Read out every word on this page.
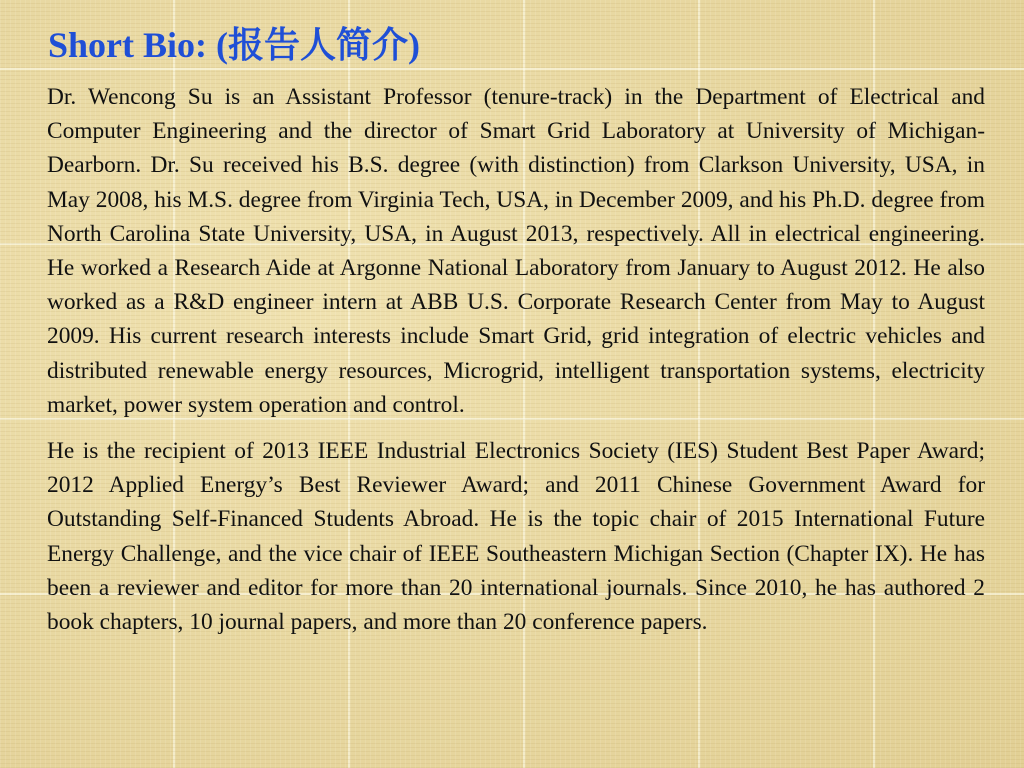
Short Bio: (报告人简介)

Dr. Wencong Su is an Assistant Professor (tenure-track) in the Department of Electrical and Computer Engineering and the director of Smart Grid Laboratory at University of Michigan-Dearborn. Dr. Su received his B.S. degree (with distinction) from Clarkson University, USA, in May 2008, his M.S. degree from Virginia Tech, USA, in December 2009, and his Ph.D. degree from North Carolina State University, USA, in August 2013, respectively. All in electrical engineering. He worked a Research Aide at Argonne National Laboratory from January to August 2012. He also worked as a R&D engineer intern at ABB U.S. Corporate Research Center from May to August 2009. His current research interests include Smart Grid, grid integration of electric vehicles and distributed renewable energy resources, Microgrid, intelligent transportation systems, electricity market, power system operation and control.

He is the recipient of 2013 IEEE Industrial Electronics Society (IES) Student Best Paper Award; 2012 Applied Energy’s Best Reviewer Award; and 2011 Chinese Government Award for Outstanding Self-Financed Students Abroad. He is the topic chair of 2015 International Future Energy Challenge, and the vice chair of IEEE Southeastern Michigan Section (Chapter IX). He has been a reviewer and editor for more than 20 international journals. Since 2010, he has authored 2 book chapters, 10 journal papers, and more than 20 conference papers.
